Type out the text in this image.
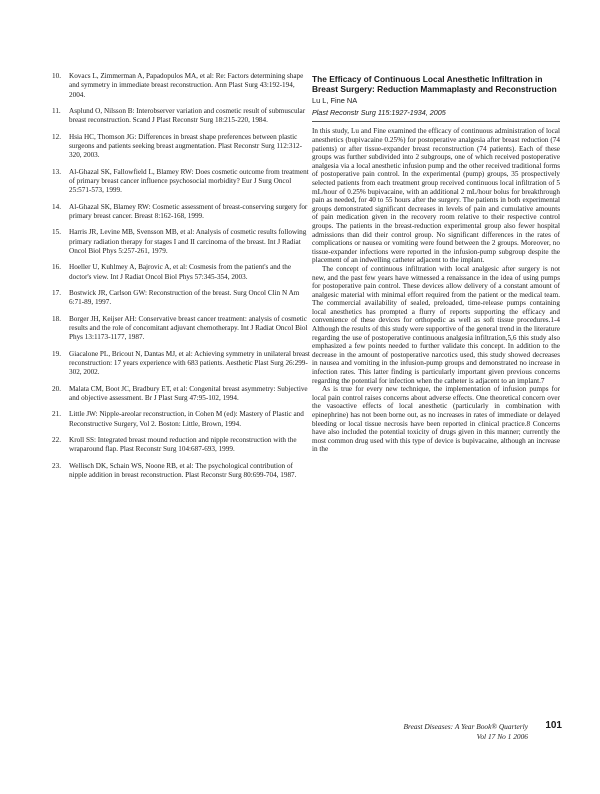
10. Kovacs L, Zimmerman A, Papadopulos MA, et al: Re: Factors determining shape and symmetry in immediate breast reconstruction. Ann Plast Surg 43:192-194, 2004.
11. Asplund O, Nilsson B: Interobserver variation and cosmetic result of submuscular breast reconstruction. Scand J Plast Reconstr Surg 18:215-220, 1984.
12. Hsia HC, Thomson JG: Differences in breast shape preferences between plastic surgeons and patients seeking breast augmentation. Plast Reconstr Surg 112:312-320, 2003.
13. Al-Ghazal SK, Fallowfield L, Blamey RW: Does cosmetic outcome from treatment of primary breast cancer influence psychosocial morbidity? Eur J Surg Oncol 25:571-573, 1999.
14. Al-Ghazal SK, Blamey RW: Cosmetic assessment of breast-conserving surgery for primary breast cancer. Breast 8:162-168, 1999.
15. Harris JR, Levine MB, Svensson MB, et al: Analysis of cosmetic results following primary radiation therapy for stages I and II carcinoma of the breast. Int J Radiat Oncol Biol Phys 5:257-261, 1979.
16. Hoeller U, Kuhlmey A, Bajrovic A, et al: Cosmesis from the patient's and the doctor's view. Int J Radiat Oncol Biol Phys 57:345-354, 2003.
17. Bostwick JR, Carlson GW: Reconstruction of the breast. Surg Oncol Clin N Am 6:71-89, 1997.
18. Borger JH, Keijser AH: Conservative breast cancer treatment: analysis of cosmetic results and the role of concomitant adjuvant chemotherapy. Int J Radiat Oncol Biol Phys 13:1173-1177, 1987.
19. Giacalone PL, Bricout N, Dantas MJ, et al: Achieving symmetry in unilateral breast reconstruction: 17 years experience with 683 patients. Aesthetic Plast Surg 26:299-302, 2002.
20. Malata CM, Boot JC, Bradbury ET, et al: Congenital breast asymmetry: Subjective and objective assessment. Br J Plast Surg 47:95-102, 1994.
21. Little JW: Nipple-areolar reconstruction, in Cohen M (ed): Mastery of Plastic and Reconstructive Surgery, Vol 2. Boston: Little, Brown, 1994.
22. Kroll SS: Integrated breast mound reduction and nipple reconstruction with the wraparound flap. Plast Reconstr Surg 104:687-693, 1999.
23. Wellisch DK, Schain WS, Noone RB, et al: The psychological contribution of nipple addition in breast reconstruction. Plast Reconstr Surg 80:699-704, 1987.
The Efficacy of Continuous Local Anesthetic Infiltration in Breast Surgery: Reduction Mammaplasty and Reconstruction
Lu L, Fine NA
Plast Reconstr Surg 115:1927-1934, 2005

In this study, Lu and Fine examined the efficacy of continuous administration of local anesthetics (bupivacaine 0.25%) for postoperative analgesia after breast reduction (74 patients) or after tissue-expander breast reconstruction (74 patients). Each of these groups was further subdivided into 2 subgroups, one of which received postoperative analgesia via a local anesthetic infusion pump and the other received traditional forms of postoperative pain control. In the experimental (pump) groups, 35 prospectively selected patients from each treatment group received continuous local infiltration of 5 mL/hour of 0.25% bupivacaine, with an additional 2 mL/hour bolus for breakthrough pain as needed, for 40 to 55 hours after the surgery. The patients in both experimental groups demonstrated significant decreases in levels of pain and cumulative amounts of pain medication given in the recovery room relative to their respective control groups. The patients in the breast-reduction experimental group also fewer hospital admissions than did their control group. No significant differences in the rates of complications or nausea or vomiting were found between the 2 groups. Moreover, no tissue-expander infections were reported in the infusion-pump subgroup despite the placement of an indwelling catheter adjacent to the implant.

The concept of continuous infiltration with local analgesic after surgery is not new, and the past few years have witnessed a renaissance in the idea of using pumps for postoperative pain control. These devices allow delivery of a constant amount of analgesic material with minimal effort required from the patient or the medical team. The commercial availability of sealed, preloaded, time-release pumps containing local anesthetics has prompted a flurry of reports supporting the efficacy and convenience of these devices for orthopedic as well as soft tissue procedures.1-4 Although the results of this study were supportive of the general trend in the literature regarding the use of postoperative continuous analgesia infiltration,5,6 this study also emphasized a few points needed to further validate this concept. In addition to the decrease in the amount of postoperative narcotics used, this study showed decreases in nausea and vomiting in the infusion-pump groups and demonstrated no increase in infection rates. This latter finding is particularly important given previous concerns regarding the potential for infection when the catheter is adjacent to an implant.7

As is true for every new technique, the implementation of infusion pumps for local pain control raises concerns about adverse effects. One theoretical concern over the vasoactive effects of local anesthetic (particularly in combination with epinephrine) has not been borne out, as no increases in rates of immediate or delayed bleeding or local tissue necrosis have been reported in clinical practice.8 Concerns have also included the potential toxicity of drugs given in this manner; currently the most common drug used with this type of device is bupivacaine, although an increase in the

Breast Diseases: A Year Book® Quarterly
Vol 17 No 1 2006
101
